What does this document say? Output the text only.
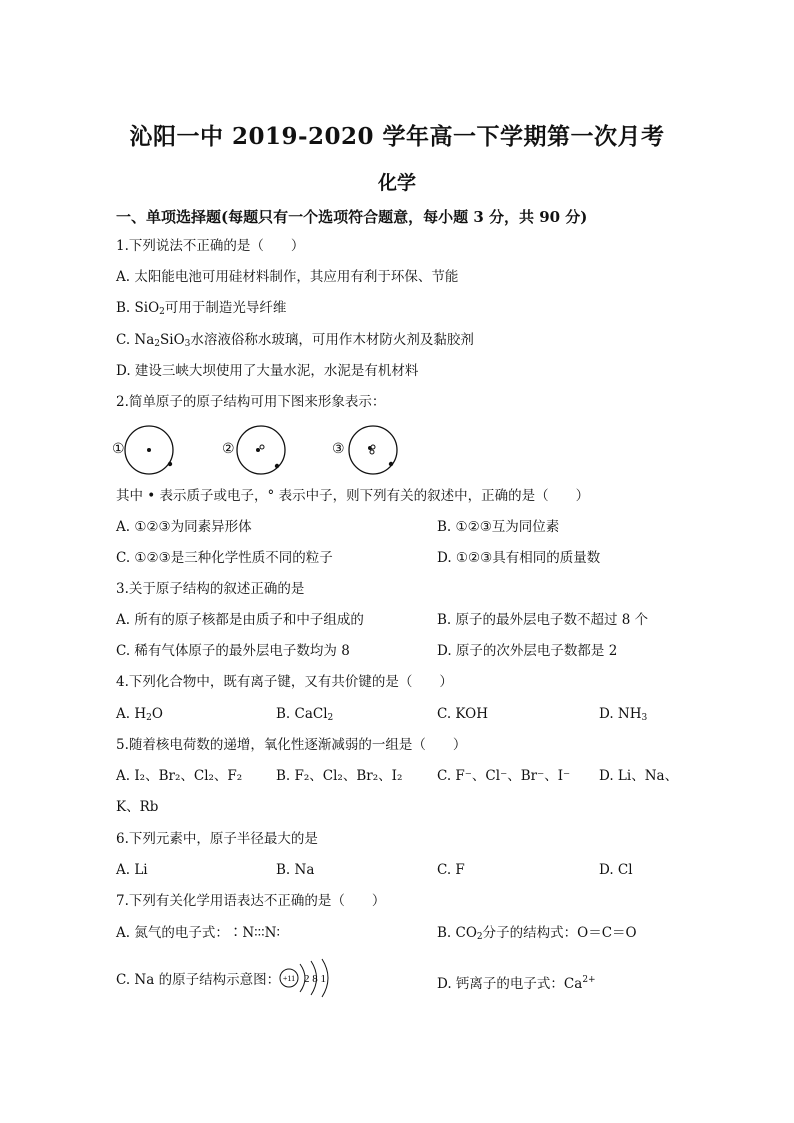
沁阳一中 2019-2020 学年高一下学期第一次月考
化学
一、单项选择题(每题只有一个选项符合题意，每小题 3 分，共 90 分)
1.下列说法不正确的是（　　）
A. 太阳能电池可用硅材料制作，其应用有利于环保、节能
B. SiO$_2$可用于制造光导纤维
C. $Na_2SiO_3$水溶液俗称水玻璃，可用作木材防火剂及黏胶剂
D. 建设三峡大坝使用了大量水泥，水泥是有机材料
2.简单原子的原子结构可用下图来形象表示：
①	②	③
其中 • 表示质子或电子，° 表示中子，则下列有关的叙述中，正确的是（　　）
A. ①②③为同素异形体	B. ①②③互为同位素
C. ①②③是三种化学性质不同的粒子	D. ①②③具有相同的质量数
3.关于原子结构的叙述正确的是
A. 所有的原子核都是由质子和中子组成的	B. 原子的最外层电子数不超过 8 个
C. 稀有气体原子的最外层电子数均为 8	D. 原子的次外层电子数都是 2
4.下列化合物中，既有离子键，又有共价键的是（　　）
A. $H_2O$	B. CaCl$_2$	C. KOH	D. $NH_3$
5.随着核电荷数的递增，氧化性逐渐减弱的一组是（　　）
A. I₂、Br₂、Cl₂、F₂	B. F₂、Cl₂、Br₂、I₂	C. F⁻、Cl⁻、Br⁻、I⁻ D. Li、Na、
K、Rb
6.下列元素中，原子半径最大的是
A. Li	B. Na	C. F	D. Cl
7.下列有关化学用语表达不正确的是（　　）
A. 氮气的电子式：∶N∶∶∶N∶	B. $CO_2$分子的结构式：O＝C＝O
C. Na 的原子结构示意图： +11 2 8 1	D. 钙离子的电子式：$Ca^{2+}$
